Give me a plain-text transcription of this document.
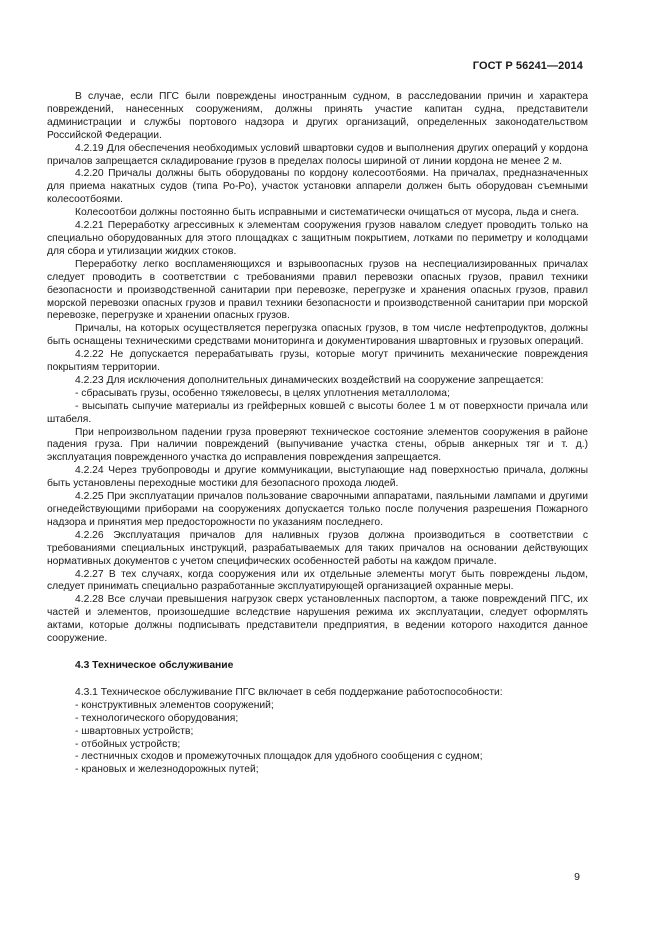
ГОСТ Р 56241—2014

В случае, если ПГС были повреждены иностранным судном, в расследовании причин и характера повреждений, нанесенных сооружениям, должны принять участие капитан судна, представители администрации и службы портового надзора и других организаций, определенных законодательством Российской Федерации.

4.2.19 Для обеспечения необходимых условий швартовки судов и выполнения других операций у кордона причалов запрещается складирование грузов в пределах полосы шириной от линии кордона не менее 2 м.

4.2.20 Причалы должны быть оборудованы по кордону колесоотбоями. На причалах, предназначенных для приема накатных судов (типа Ро-Ро), участок установки аппарели должен быть оборудован съемными колесоотбоями.

Колесоотбои должны постоянно быть исправными и систематически очищаться от мусора, льда и снега.

4.2.21 Переработку агрессивных к элементам сооружения грузов навалом следует проводить только на специально оборудованных для этого площадках с защитным покрытием, лотками по периметру и колодцами для сбора и утилизации жидких стоков.

Переработку легко воспламеняющихся и взрывоопасных грузов на неспециализированных причалах следует проводить в соответствии с требованиями правил перевозки опасных грузов, правил техники безопасности и производственной санитарии при перевозке, перегрузке и хранения опасных грузов, правил морской перевозки опасных грузов и правил техники безопасности и производственной санитарии при морской перевозке, перегрузке и хранении опасных грузов.

Причалы, на которых осуществляется перегрузка опасных грузов, в том числе нефтепродуктов, должны быть оснащены техническими средствами мониторинга и документирования швартовных и грузовых операций.

4.2.22 Не допускается перерабатывать грузы, которые могут причинить механические повреждения покрытиям территории.

4.2.23 Для исключения дополнительных динамических воздействий на сооружение запрещается:

- сбрасывать грузы, особенно тяжеловесы, в целях уплотнения металлолома;

- высыпать сыпучие материалы из грейферных ковшей с высоты более 1 м от поверхности причала или штабеля.

При непроизвольном падении груза проверяют техническое состояние элементов сооружения в районе падения груза. При наличии повреждений (выпучивание участка стены, обрыв анкерных тяг и т. д.) эксплуатация поврежденного участка до исправления повреждения запрещается.

4.2.24 Через трубопроводы и другие коммуникации, выступающие над поверхностью причала, должны быть установлены переходные мостики для безопасного прохода людей.

4.2.25 При эксплуатации причалов пользование сварочными аппаратами, паяльными лампами и другими огнедействующими приборами на сооружениях допускается только после получения разрешения Пожарного надзора и принятия мер предосторожности по указаниям последнего.

4.2.26 Эксплуатация причалов для наливных грузов должна производиться в соответствии с требованиями специальных инструкций, разрабатываемых для таких причалов на основании действующих нормативных документов с учетом специфических особенностей работы на каждом причале.

4.2.27 В тех случаях, когда сооружения или их отдельные элементы могут быть повреждены льдом, следует принимать специально разработанные эксплуатирующей организацией охранные меры.

4.2.28 Все случаи превышения нагрузок сверх установленных паспортом, а также повреждений ПГС, их частей и элементов, произошедшие вследствие нарушения режима их эксплуатации, следует оформлять актами, которые должны подписывать представители предприятия, в ведении которого находится данное сооружение.

4.3 Техническое обслуживание

4.3.1 Техническое обслуживание ПГС включает в себя поддержание работоспособности:

- конструктивных элементов сооружений;

- технологического оборудования;

- швартовных устройств;

- отбойных устройств;

- лестничных сходов и промежуточных площадок для удобного сообщения с судном;

- крановых и железнодорожных путей;

9
